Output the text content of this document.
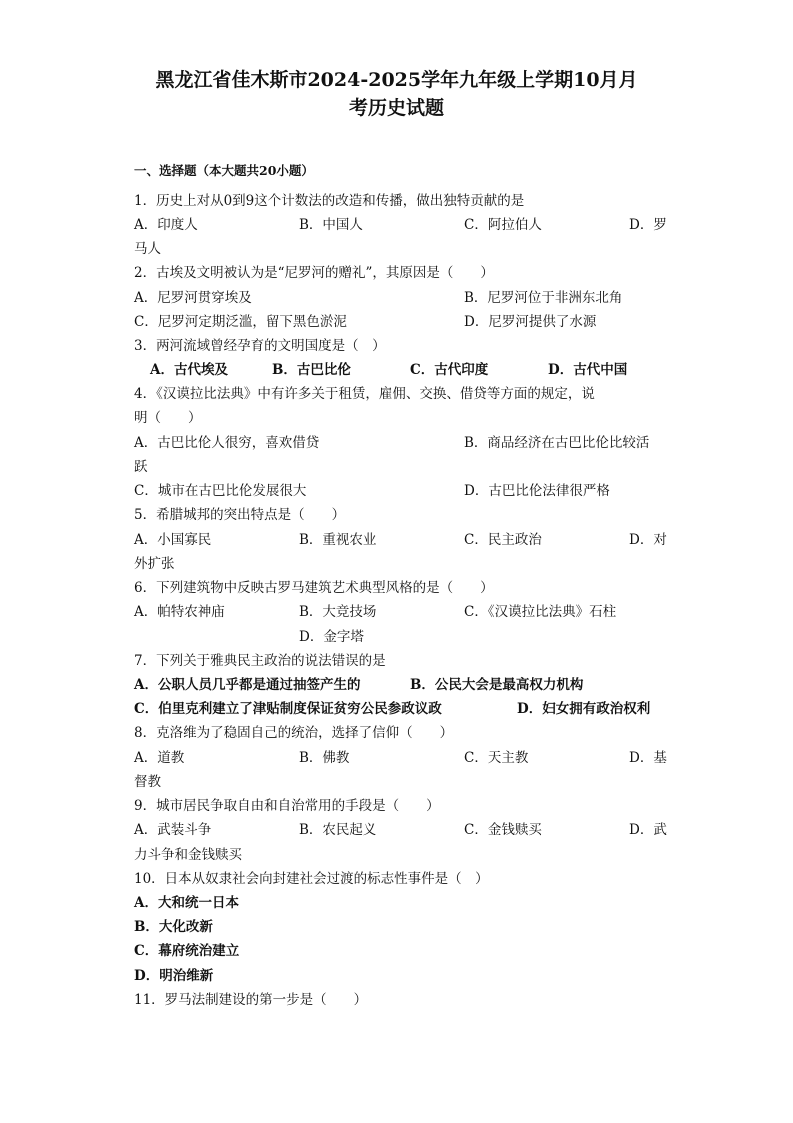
黑龙江省佳木斯市2024-2025学年九年级上学期10月月
考历史试题
一、选择题（本大题共20小题）
1．历史上对从0到9这个计数法的改造和传播，做出独特贡献的是
A．印度人	B．中国人	C．阿拉伯人	D．罗
马人
2．古埃及文明被认为是“尼罗河的赠礼”，其原因是（　　）
A．尼罗河贯穿埃及	B．尼罗河位于非洲东北角
C．尼罗河定期泛滥，留下黑色淤泥	D．尼罗河提供了水源
3．两河流域曾经孕育的文明国度是（　）
A．古代埃及	B．古巴比伦	C．古代印度	D．古代中国
4．《汉谟拉比法典》中有许多关于租赁，雇佣、交换、借贷等方面的规定，说
明（　　）
A．古巴比伦人很穷，喜欢借贷	B．商品经济在古巴比伦比较活
跃
C．城市在古巴比伦发展很大	D．古巴比伦法律很严格
5．希腊城邦的突出特点是（　　）
A．小国寡民	B．重视农业	C．民主政治	D．对
外扩张
6．下列建筑物中反映古罗马建筑艺术典型风格的是（　　）
A．帕特农神庙	B．大竞技场	C．《汉谟拉比法典》石柱
D．金字塔
7．下列关于雅典民主政治的说法错误的是
A．公职人员几乎都是通过抽签产生的	B．公民大会是最高权力机构
C．伯里克利建立了津贴制度保证贫穷公民参政议政	D．妇女拥有政治权利
8．克洛维为了稳固自己的统治，选择了信仰（　　）
A．道教	B．佛教	C．天主教	D．基
督教
9．城市居民争取自由和自治常用的手段是（　　）
A．武装斗争	B．农民起义	C．金钱赎买	D．武
力斗争和金钱赎买
10．日本从奴隶社会向封建社会过渡的标志性事件是（　）
A．大和统一日本
B．大化改新
C．幕府统治建立
D．明治维新
11．罗马法制建设的第一步是（　　）
